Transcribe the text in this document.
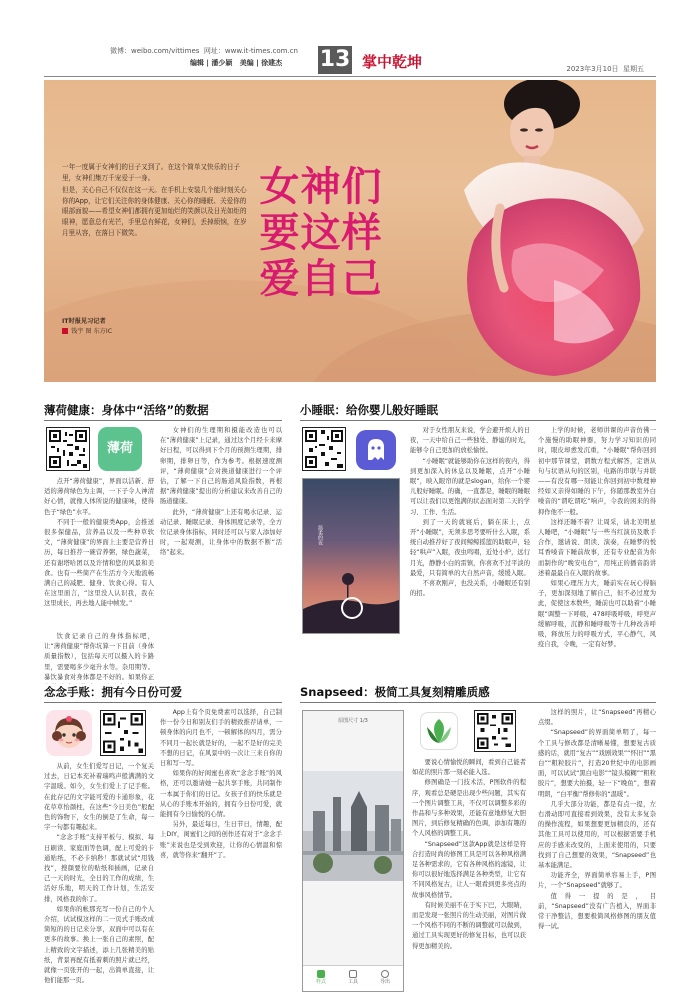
微博：weibo.com/vittimes 网址：www.it-times.com.cn
编辑 | 潘少颖 美编 | 徐建杰 13 掌中乾坤	2023年3月10日 星期五

一年一度属于女神们的日子又到了。在这个简单又快乐的日子里，女神们集万千宠爱于一身。

但是，关心自己不仅仅在这一天。在手机上安装几个能时刻关心你的App，让它们关注你的身体健康、关心你的睡眠、关爱你的眼部面貌——希望女神们都拥有更加灿烂的笑颜以及日光如炬的眼神，愿意总有光芒，手里总有鲜花，女神们，丢掉烦恼，在岁月里从容，在落日下微笑。

IT时报见习记者
钱宇 图 东方IC
女神们
要这样
爱自己
薄荷健康：身体中“活络”的数据
薄荷

点开“薄荷健康”，界面以洁新、舒适的薄荷绿色为主调，一下子令人神清好心情，就像人体所说的健康味，使得色子“绿色”水平。

不同于一般的健康类App，会推送很多保健品，营养品以及一些种草软文，“薄荷健康”的界面上主要是营养日历，每日推荐一碗营养粥，绿色蔬菜，还有谢塔哈团以及许情和您的风景和美食。也有一些简产在生活方今天地流畅满自己的减肥、健身、饮食心得。有人在这里面言，“这里没人认识我，我在这里成长，再去地人能中帧发。”

饮食记录自己的身体指标吧，让“薄荷健康”帮你坑算一下目前（身体质量指数），包括每天可以摄入的卡路里，需要喝多少毫升水等。杂用期等。暴饮暴食对身体都是不好的。如果你正

女神们的生理期和摄能改造也可以在“薄荷健康”上记录，通过这个月经卡来摩好日程，可以得到下个月的预测生理期，排卵期，排卵日等，作为参考。根据速度测评，“薄荷健康”会对换道健康进行一个评估，了解一下自己的肠道风险指数，再根据“薄荷健康”提出的分析建议来改善自己的肠道健康。

此外，“薄荷健康”上还有喝水记录、运动记录、睡眠记录、身体围度记录等，全方位记录身体指标，同时还可以与家人添加好时，一起观测，让身体中的数据不断“活络”起来。

小睡眠：给你婴儿般好睡眠
温柔的夜

对于女性朋友来说，学会避开烦人的日夜，一天中给自己一些独处、静谧的时光，能够令自己更加的放松愉悦。

“小睡眠”就能够助你在这样的夜内，得到更加深入的休息以及睡眠，点开“小睡眠”，映入眼帘的就是slogan，给你一个婴儿般好睡眠。的确，一直都是，睡眠的睡眠可以让我们以更饱满的状态面对第二天的学习、工作、生活。

到了一天的就寝后，躺在床上，点开“小睡眠”，无须多思考要听什么入眠，系统自动推荐好了夜间鲸鲸摇篮的助眠声，轻轻“哄声”入眠，夜虫鸣唱，近处小炉，远行月光，静静小白的雷镇，你喜欢不过平淡的最爱，只有简单的大自然声音，缓缓入眠。

不喜欢刚声，也没关系，小睡眠还有别的招。

上学的时候，老师讲课的声音仿佛一个施慢的助眠神器，努力学习知识的同时，眼皮却愈发沉重，“小睡眠”帮你回到初中那节课堂，谓数方程式解答，定语从句与状语从句的区别，电路的串联与并联——有没有哪一刻能让你回到初中数理神经如又亲得如睡的下午，你随那教室外白噪音的“谓吃谓吃”响声，令我的困来的得抑作他不一般。

这样还睡不着？让周采，请北美明星人睡吧，“小睡眠”与一些当红演员及歌手合作，邀请说、朗读、演奏，在睡梦的悦耳香嗓音下睡前故事，还有专业配音为你而制作的“晚安电台”，用纯正的播音韵讲述着最最自在入眠的故事。

如果心理压力大，睡前实在玩心得脑子，更加深刻地了解自己，但不必过度为此，促使这本数些，睡前也可以助着“小睡眠”调整一下呼吸，478呼吸呼吸，呼兜声缓解呼吸，沉静和睡呼吸等十几种改善呼吸，释放压力的呼吸方式，平心静气，风疫自我，令晚，一定有好梦。

念念手账：拥有今日份可爱

从前，女生们爱写日记，一个复关过去，日记本充补着瑞鸣声般满满的文字温暖。如今，女生们爱上了记手账。在此存记的文字能可爱的卡通形象，花花草草怡颜柱，在这些“今日美色”般配色的饰物下，女生的倒是了生命，每一字一句都有趣起来。

“念念手账”支持平板与、模拟、每日刷读、家庭面等色调，配上可爱的卡通贴纸，不必卡纳秒！那就试试“用钱找”，搜颜要位的贴纸和插画，记录自己一天的时光，全日的工作的成绩，生活好乐地，明天的工作计划，生活安排，风格我的你了。

如果你的帐那充写一份自己的个人介绍，试试模这样的二一页式手账改成简短的的日记来分享，双面中可以有在更多的故事。换上一张自己的素照，配上精致的文字描述，添上几张精美的贴纸，背景再配有抵着刺的照片就已经，就像一页张开的一起，出简单直接，让他们能那一页。

App上有个页免费素可以选择，自己制作一份今日和别友们手的精致推荐请单，一顿身体的向月也不，一顿解体的四月，需分不同月一起长就是好的，一起不是好的完美不想的日记，在风景中的一次让三来自你的日和写一写。

如果你的好闺蜜也喜欢“念念手账”的风格，还可以邀请她一起共享手账，共同制作一本属于你们的日记。女孩子们的快乐就是从心的手账本开始的，拥有今日份可爱，就能拥有今日愉悦的心情。

另外，最近每日，生日节日，情趣，配上DIY，闺蜜们之间的创作还有对于“念念手账”来说也是受到欢迎，让你的心情温和惊喜，就等你来“翻开”了。

Snapseed：极简工具复刻精雕质感
原图尺寸 1/3
样式	工具	导出

要说心情愉悦的瞬间，看到自己能者如花的照片那一刻必能入选。

修图确是一门技术活，P图软件的程序，观看总是硬是出现少些问题，其实有一个图片调整工具，不仅可以调整多彩的作品和与多种效果，还能有意地修复大胆图片，到后修复精确的色调，添加有趣的个人风格的调整工具。

“Snapseed”这款App就是这样是符合打造时尚的修图工具是可以各种风格满足各种需求的，它有各种风格的滤镜，让你可以很好地选择满足各种类型，让它有不同风格复古，让人一眼看到更多亮点的故事风格情节。

有时候美丽不在于实下巴，大眼睛，而是发现一张照片的生动美丽，对图片做一个风格不同的不断的调整就可以做到，通过工具实现更好的修复目标，也可以获得更加精美的。

这样的照片，让“Snapseed”再精心点缀。

“Snapseed”的界面简单明了，每一个工具与修改都是清晰易懂，想要复古质感的话，就用“复古”“戏剧效果”“怀旧”“黑白”“粗粒胶片”，打造20世纪中的电影画面，可以试试“黑白电影”“镜头模糊”“粗粒胶片”，想要大拍摄，轻一下“晚鱼”，想着明朗，“白平衡”帮修你的“温暖”。

几乎大部分功能，都是有点一提，左右滑动即可直接看到效果，没有太多复杂的操作流程，如果想要更加精良的，还有其他工具可以使用的，可以根据需要手机应的手感来改变的，上面来使用的，只要找到了自己想要的效果，“Snapseed”也基本能满足。

功能齐全，界面简单容易上手，P图片，一个“Snapseed”就够了。

值得一提的是，目前，“Snapseed”没有广告植入，界面非常干净整洁，想要极简风格修图的朋友值得一试。
